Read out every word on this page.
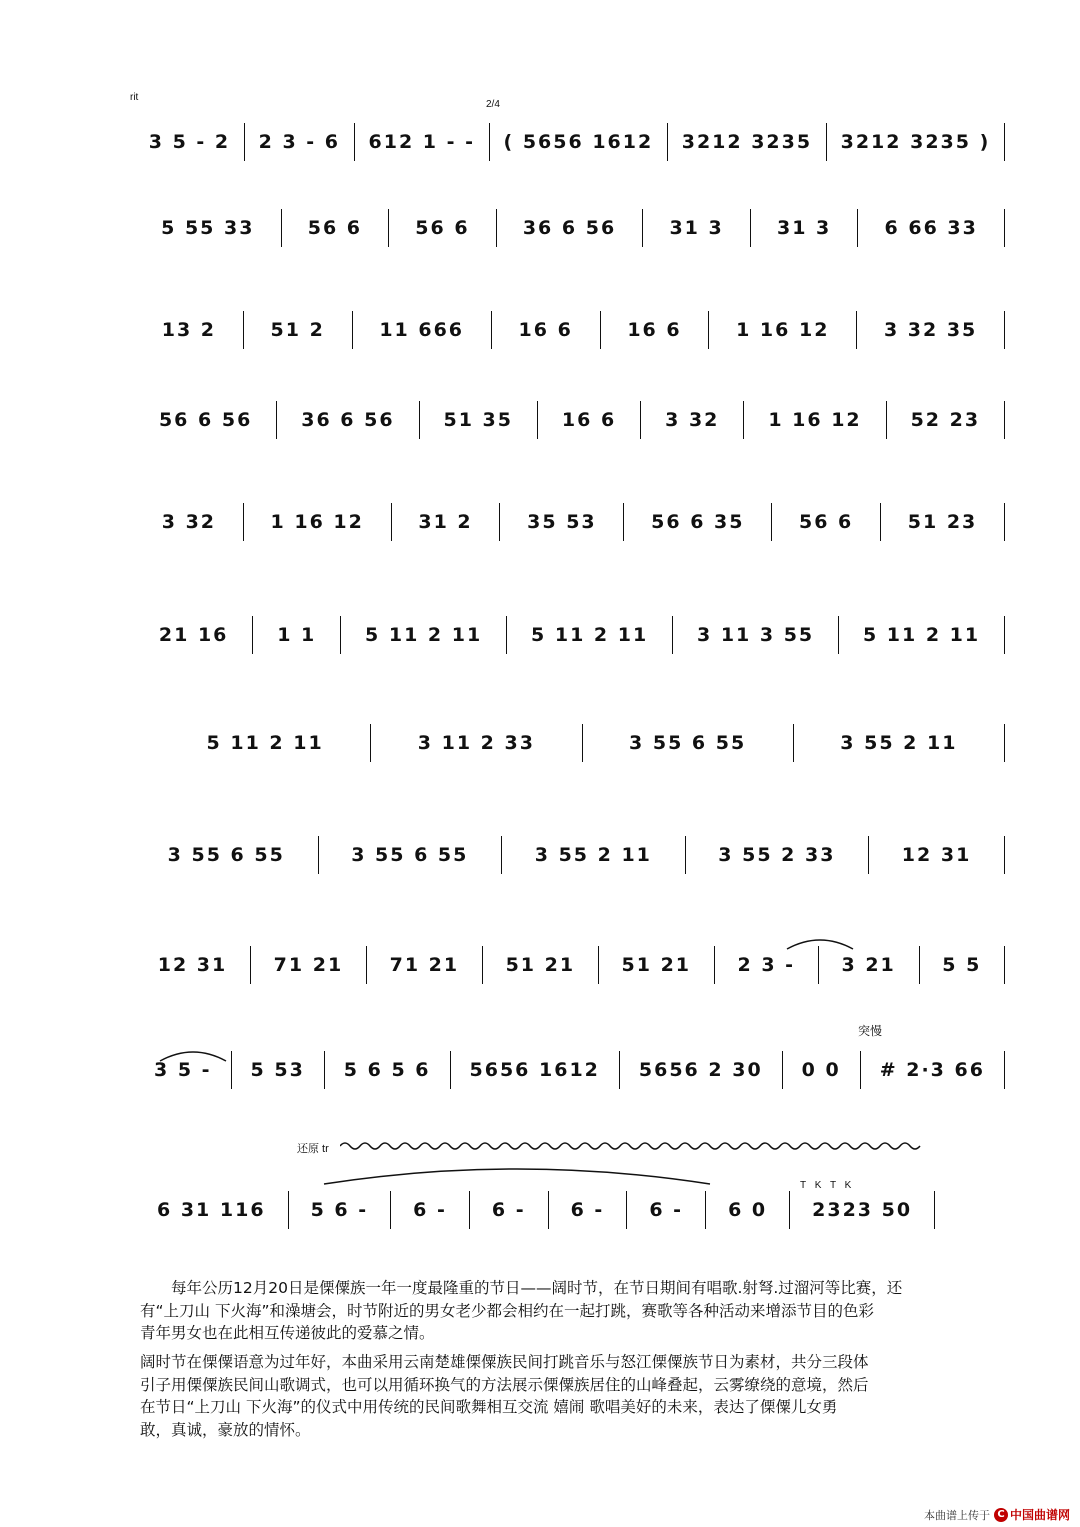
rit
2/4
突慢
还原 tr
T K T K
3 5 - 2 2 3 - 6 612 1 - - ( 5656 1612 3212 3235 3212 3235 )
5 55 33	56 6	56 6	36 6 56	31 3	31 3	6 66 33
13 2	51 2	11 666	16 6	16 6	1 16 12	3 32 35
56 6 56	36 6 56	51 35	16 6	3 32	1 16 12	52 23
3 32	1 16 12	31 2	35 53	56 6 35	56 6	51 23
21 16	1 1	5 11 2 11	5 11 2 11	3 11 3 55	5 11 2 11
5 11 2 11	3 11 2 33	3 55 6 55	3 55 2 11
3 55 6 55	3 55 6 55	3 55 2 11	3 55 2 33	12 31
12 31 71 21 71 21 51 21 51 21 2 3 - 3 21 5 5
3 5 - 5 53 5 6 5 6 5656 1612 5656 2 30 0 0 # 2·3 66
6 31 116 5 6 - 6 - 6 - 6 - 6 - 6 0 2323 50

每年公历12月20日是傈僳族一年一度最隆重的节日——阔时节，在节日期间有唱歌.射弩.过溜河等比赛，还

有“上刀山 下火海”和澡塘会，时节附近的男女老少都会相约在一起打跳，赛歌等各种活动来增添节目的色彩

青年男女也在此相互传递彼此的爱慕之情。

阔时节在傈僳语意为过年好，本曲采用云南楚雄傈僳族民间打跳音乐与怒江傈僳族节日为素材，共分三段体

引子用傈僳族民间山歌调式，也可以用循环换气的方法展示傈僳族居住的山峰叠起，云雾缭绕的意境，然后

在节日“上刀山 下火海”的仪式中用传统的民间歌舞相互交流 嬉闹 歌唱美好的未来，表达了傈僳儿女勇

敢，真诚，豪放的情怀。

本曲谱上传于 C 中国曲谱网
